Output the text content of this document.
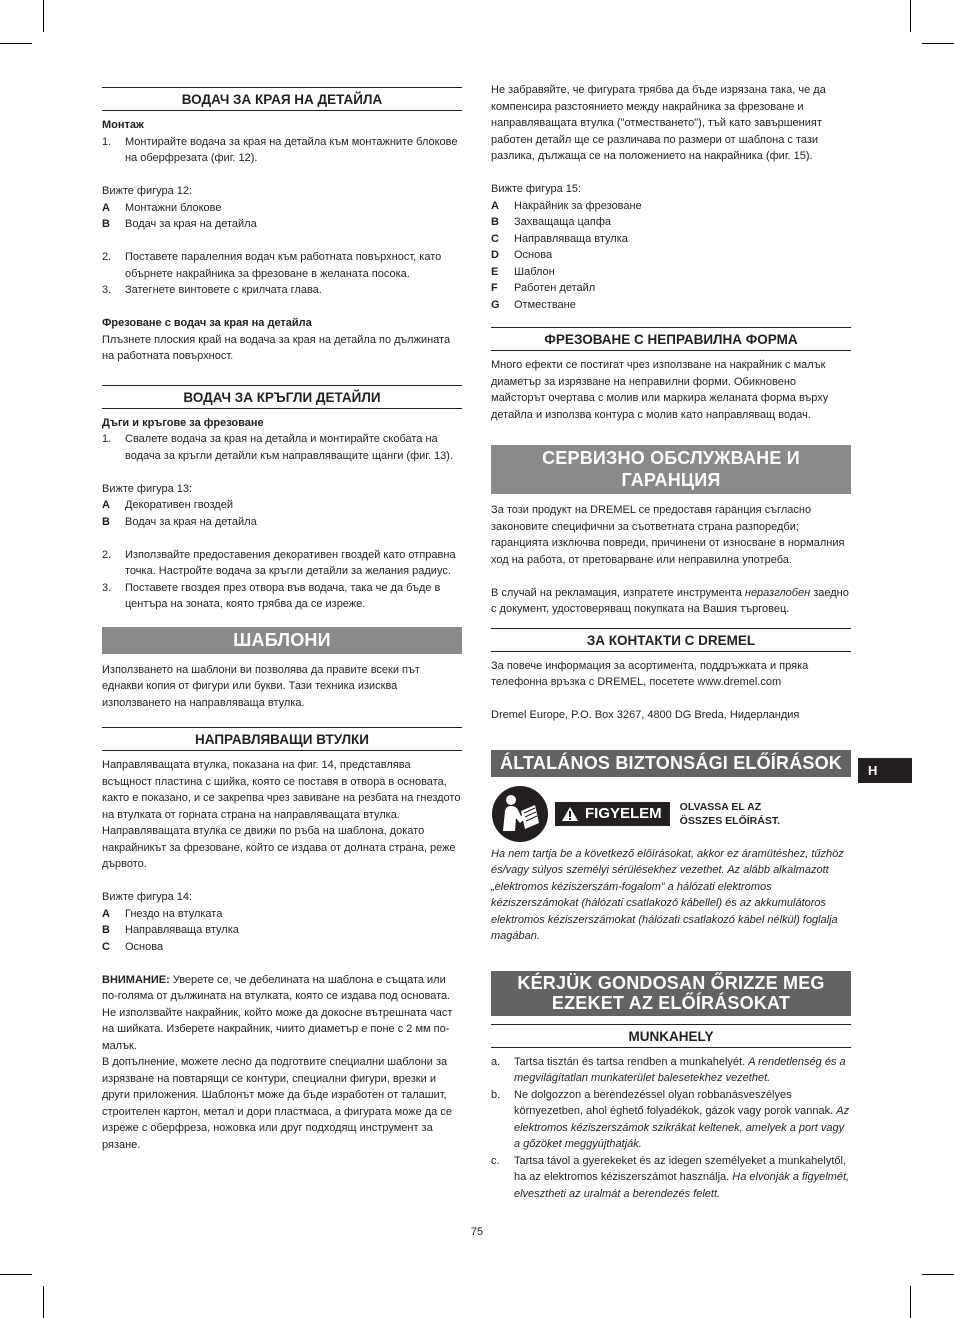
ВОДАЧ ЗА КРАЯ НА ДЕТАЙЛА

Монтаж

1.	Монтирайте водача за края на детайла към монтажните блокове на оберфрезата (фиг. 12).

Вижте фигура 12:

A	Монтажни блокове
B	Водач за края на детайла
2.	Поставете паралелния водач към работната повърхност, като обърнете накрайника за фрезоване в желаната посока.
3.	Затегнете винтовете с крилчата глава.

Фрезоване с водач за края на детайла

Плъзнете плоския край на водача за края на детайла по дължината на работната повърхност.

ВОДАЧ ЗА КРЪГЛИ ДЕТАЙЛИ

Дъги и кръгове за фрезоване

1.	Свалете водача за края на детайла и монтирайте скобата на водача за кръгли детайли към направляващите щанги (фиг. 13).

Вижте фигура 13:

A	Декоративен гвоздей
B	Водач за края на детайла
2.	Използвайте предоставения декоративен гвоздей като отправна точка. Настройте водача за кръгли детайли за желания радиус.
3.	Поставете гвоздея през отвора във водача, така че да бъде в центъра на зоната, която трябва да се изреже.
ШАБЛОНИ

Използването на шаблони ви позволява да правите всеки път еднакви копия от фигури или букви. Тази техника изисква използването на направляваща втулка.

НАПРАВЛЯВАЩИ ВТУЛКИ

Направляващата втулка, показана на фиг. 14, представлява всъщност пластина с шийка, която се поставя в отвора в основата, както е показано, и се закрепва чрез завиване на резбата на гнездото на втулката от горната страна на направляващата втулка. Направляващата втулка се движи по ръба на шаблона, докато накрайникът за фрезоване, който се издава от долната страна, реже дървото.

Вижте фигура 14:

A	Гнездо на втулката
B	Направляваща втулка
C	Основа

ВНИМАНИЕ: Уверете се, че дебелината на шаблона е същата или по-голяма от дължината на втулката, която се издава под основата. Не използвайте накрайник, който може да докосне вътрешната част на шийката. Изберете накрайник, чиито диаметър е поне с 2 мм по-малък.

В допълнение, можете лесно да подготвите специални шаблони за изрязване на повтарящи се контури, специални фигури, врезки и други приложения. Шаблонът може да бъде изработен от талашит, строителен картон, метал и дори пластмаса, а фигурата може да се изреже с оберфреза, ножовка или друг подходящ инструмент за рязане.

Не забравяйте, че фигурата трябва да бъде изрязана така, че да компенсира разстоянието между накрайника за фрезоване и направляващата втулка ("отместването"), тъй като завършеният работен детайл ще се различава по размери от шаблона с тази разлика, дължаща се на положението на накрайника (фиг. 15).

Вижте фигура 15:

A	Накрайник за фрезоване
B	Захващаща цапфа
C	Направляваща втулка
D	Основа
E	Шаблон
F	Работен детайл
G	Отместване
ФРЕЗОВАНЕ С НЕПРАВИЛНА ФОРМА

Много ефекти се постигат чрез използване на накрайник с малък диаметър за изрязване на неправилни форми. Обикновено майсторът очертава с молив или маркира желаната форма върху детайла и използва контура с молив като направляващ водач.

СЕРВИЗНО ОБСЛУЖВАНЕ И ГАРАНЦИЯ

За този продукт на DREMEL се предоставя гаранция съгласно законовите специфични за съответната страна разпоредби; гаранцията изключва повреди, причинени от износване в нормалния ход на работа, от претоварване или неправилна употреба.

В случай на рекламация, изпратете инструмента неразглобен заедно с документ, удостоверяващ покупката на Вашия търговец.

ЗА КОНТАКТИ С DREMEL

За повече информация за асортимента, поддръжката и пряка телефонна връзка с DREMEL, посетете www.dremel.com

Dremel Europe, P.O. Box 3267, 4800 DG Breda, Нидерландия

ÁLTALÁNOS BIZTONSÁGI ELŐÍRÁSOK
FIGYELEM OLVASSA EL AZ ÖSSZES ELŐÍRÁST.

Ha nem tartja be a következő előírásokat, akkor ez áramütéshez, tűzhöz és/vagy súlyos személyi sérülésekhez vezethet. Az alább alkalmazott „elektromos kéziszerszám-fogalom” a hálózati elektromos kéziszerszámokat (hálózati csatlakozó kábellel) és az akkumulátoros elektromos kéziszerszámokat (hálózati csatlakozó kábel nélkül) foglalja magában.

KÉRJÜK GONDOSAN ŐRIZZE MEG EZEKET AZ ELŐÍRÁSOKAT
MUNKAHELY
a.	Tartsa tisztán és tartsa rendben a munkahelyét. A rendetlenség és a megvilágítatlan munkaterület balesetekhez vezethet.
b.	Ne dolgozzon a berendezéssel olyan robbanásveszélyes környezetben, ahol éghető folyadékok, gázok vagy porok vannak. Az elektromos kéziszerszámok szikrákat keltenek, amelyek a port vagy a gőzöket meggyújthatják.
c.	Tartsa távol a gyerekeket és az idegen személyeket a munkahelytől, ha az elektromos kéziszerszámot használja. Ha elvonják a figyelmét, elvesztheti az uralmát a berendezés felett.
H
75
